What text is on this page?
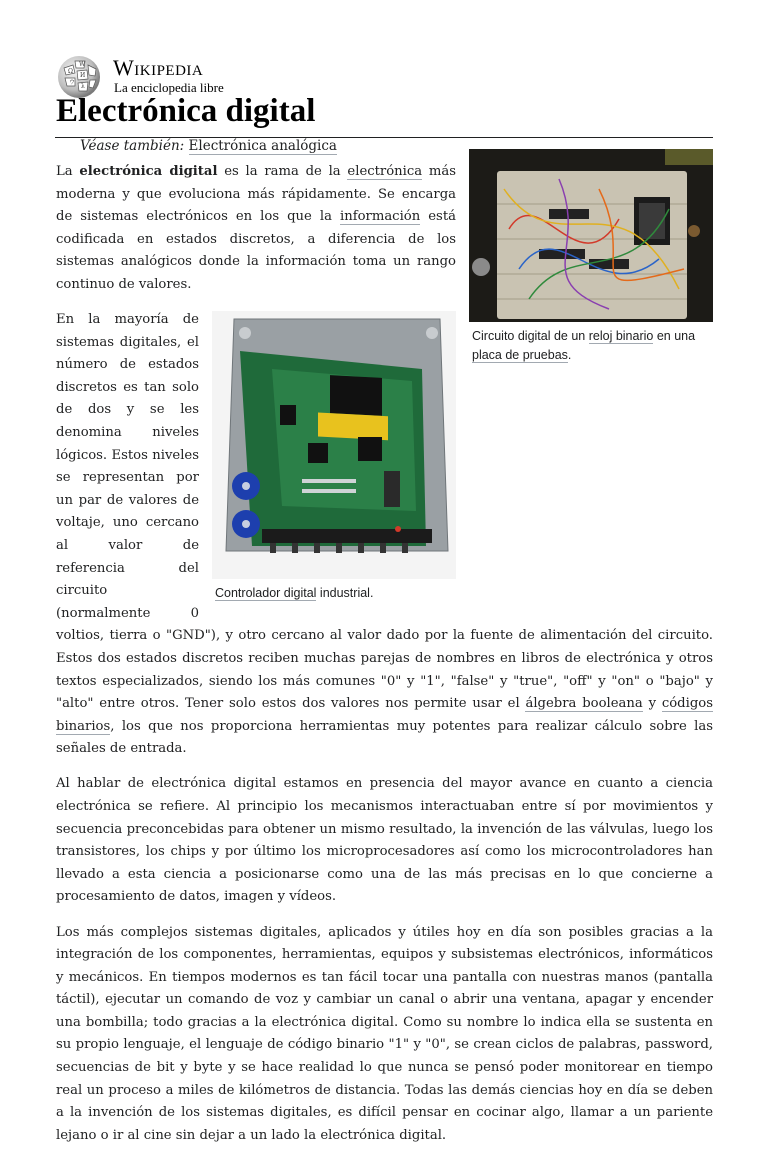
Ω
W
И
ウ
λ
Wikipedia
La enciclopedia libre
Electrónica digital
Véase también: Electrónica analógica
Circuito digital de un reloj binario en una placa de pruebas.

La electrónica digital es la rama de la electrónica más moderna y que evoluciona más rápidamente. Se encarga de sistemas electrónicos en los que la información está codificada en estados discretos, a diferencia de los sistemas analógicos donde la información toma un rango continuo de valores.

Controlador digital industrial.

En la mayoría de sistemas digitales, el número de estados discretos es tan solo de dos y se les denomina niveles lógicos. Estos niveles se representan por un par de valores de voltaje, uno cercano al valor de referencia del circuito (normalmente 0 voltios, tierra o "GND"), y otro cercano al valor dado por la fuente de alimentación del circuito. Estos dos estados discretos reciben muchas parejas de nombres en libros de electrónica y otros textos especializados, siendo los más comunes "0" y "1", "false" y "true", "off" y "on" o "bajo" y "alto" entre otros. Tener solo estos dos valores nos permite usar el álgebra booleana y códigos binarios, los que nos proporciona herramientas muy potentes para realizar cálculo sobre las señales de entrada.

Al hablar de electrónica digital estamos en presencia del mayor avance en cuanto a ciencia electrónica se refiere. Al principio los mecanismos interactuaban entre sí por movimientos y secuencia preconcebidas para obtener un mismo resultado, la invención de las válvulas, luego los transistores, los chips y por último los microprocesadores así como los microcontroladores han llevado a esta ciencia a posicionarse como una de las más precisas en lo que concierne a procesamiento de datos, imagen y vídeos.

Los más complejos sistemas digitales, aplicados y útiles hoy en día son posibles gracias a la integración de los componentes, herramientas, equipos y subsistemas electrónicos, informáticos y mecánicos. En tiempos modernos es tan fácil tocar una pantalla con nuestras manos (pantalla táctil), ejecutar un comando de voz y cambiar un canal o abrir una ventana, apagar y encender una bombilla; todo gracias a la electrónica digital. Como su nombre lo indica ella se sustenta en su propio lenguaje, el lenguaje de código binario "1" y "0", se crean ciclos de palabras, password, secuencias de bit y byte y se hace realidad lo que nunca se pensó poder monitorear en tiempo real un proceso a miles de kilómetros de distancia. Todas las demás ciencias hoy en día se deben a la invención de los sistemas digitales, es difícil pensar en cocinar algo, llamar a un pariente lejano o ir al cine sin dejar a un lado la electrónica digital.
